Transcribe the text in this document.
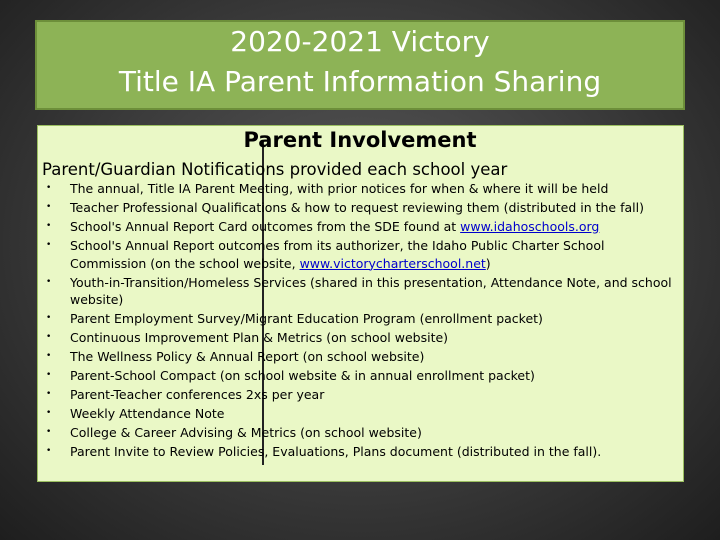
2020-2021 Victory
Title IA Parent Information Sharing
Parent Involvement
Parent/Guardian Notifications provided each school year
• The annual, Title IA Parent Meeting, with prior notices for when & where it will be held
• Teacher Professional Qualifications & how to request reviewing them (distributed in the fall)
• School's Annual Report Card outcomes from the SDE found at www.idahoschools.org
• School's Annual Report outcomes from its authorizer, the Idaho Public Charter School Commission (on the school website, www.victorycharterschool.net)
• Youth-in-Transition/Homeless Services (shared in this presentation, Attendance Note, and school website)
• Parent Employment Survey/Migrant Education Program (enrollment packet)
• Continuous Improvement Plan & Metrics (on school website)
• The Wellness Policy & Annual Report (on school website)
• Parent-School Compact (on school website & in annual enrollment packet)
• Parent-Teacher conferences 2xs per year
• Weekly Attendance Note
• College & Career Advising & Metrics (on school website)
• Parent Invite to Review Policies, Evaluations, Plans document (distributed in the fall).
